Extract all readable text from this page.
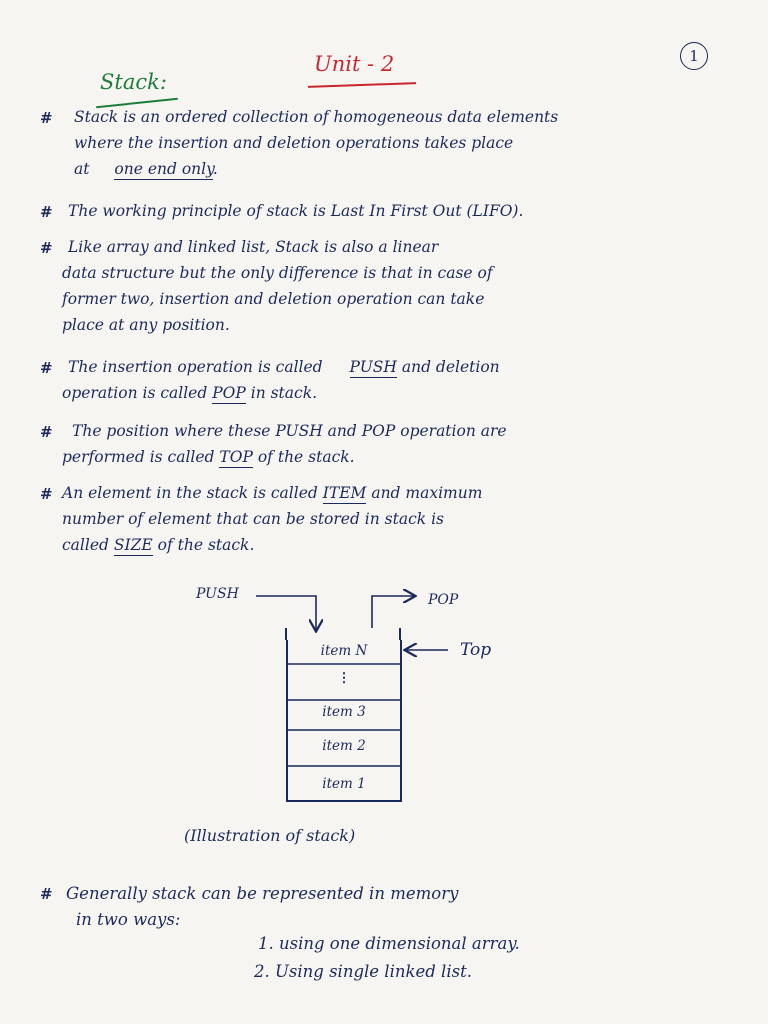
Unit - 2	1
Stack:
# Stack is an ordered collection of homogeneous data elements
where the insertion and deletion operations takes place
at one end only.
# The working principle of stack is Last In First Out (LIFO).
# Like array and linked list, Stack is also a linear
data structure but the only difference is that in case of
former two, insertion and deletion operation can take
place at any position.
# The insertion operation is called PUSH and deletion
operation is called POP in stack.
# The position where these PUSH and POP operation are
performed is called TOP of the stack.
# An element in the stack is called ITEM and maximum
number of element that can be stored in stack is
called SIZE of the stack.
PUSH	POP
Top
item N
⋮
item 3
item 2
item 1
(Illustration of stack)
# Generally stack can be represented in memory
in two ways:
1. using one dimensional array.
2. Using single linked list.
